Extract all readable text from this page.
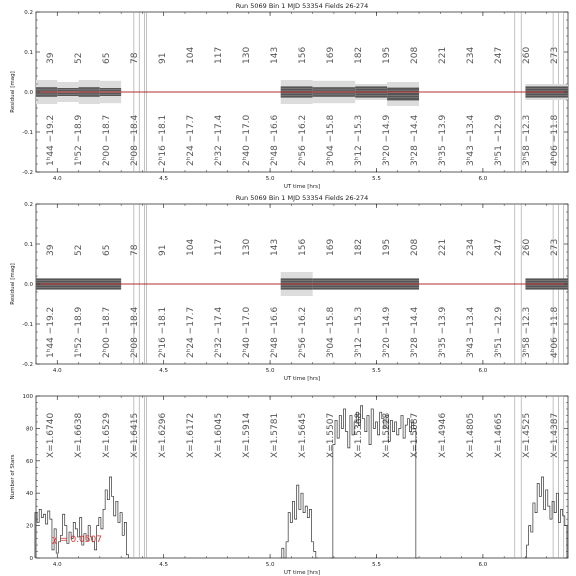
Run 5069 Bin 1 MJD 53354 Fields 26-274
39 52 65 78 91 104 117 130 143 156 169 182 195 208 221 234 247 260 273
1ʰ44 −19.2 1ʰ52 −18.9 2ʰ00 −18.7 2ʰ08 −18.4 2ʰ16 −18.1 2ʰ24 −17.7 2ʰ32 −17.4 2ʰ40 −17.0 2ʰ48 −16.6 2ʰ56 −16.2 3ʰ04 −15.8 3ʰ12 −15.3 3ʰ20 −14.9 3ʰ28 −14.4 3ʰ35 −13.9 3ʰ43 −13.4 3ʰ51 −12.9 3ʰ58 −12.3 4ʰ06 −11.8
-0.2
-0.1
0.0
0.1
0.2
4.0	4.5	5.0	5.5	6.0
UT time [hrs]
Residual [mag]
Run 5069 Bin 1 MJD 53354 Fields 26-274
39 52 65 78 91 104 117 130 143 156 169 182 195 208 221 234 247 260 273
1ʰ44 −19.2 1ʰ52 −18.9 2ʰ00 −18.7 2ʰ08 −18.4 2ʰ16 −18.1 2ʰ24 −17.7 2ʰ32 −17.4 2ʰ40 −17.0 2ʰ48 −16.6 2ʰ56 −16.2 3ʰ04 −15.8 3ʰ12 −15.3 3ʰ20 −14.9 3ʰ28 −14.4 3ʰ35 −13.9 3ʰ43 −13.4 3ʰ51 −12.9 3ʰ58 −12.3 4ʰ06 −11.8
-0.2
-0.1
0.0
0.1
0.2
4.0	4.5	5.0	5.5	6.0
UT time [hrs]
Residual [mag]
X=1.6740 X=1.6638 X=1.6529 X=1.6415 X=1.6296 X=1.6172 X=1.6045 X=1.5914 X=1.5781 X=1.5645 X=1.5507 X=1.5368 X=1.5228 X=1.5087 X=1.4946 X=1.4805 X=1.4665 X=1.4525 X=1.4387
χ = 0.0507
0
20
40
60
80
100
4.0	4.5	5.0	5.5	6.0
UT time [hrs]
Number of Stars
